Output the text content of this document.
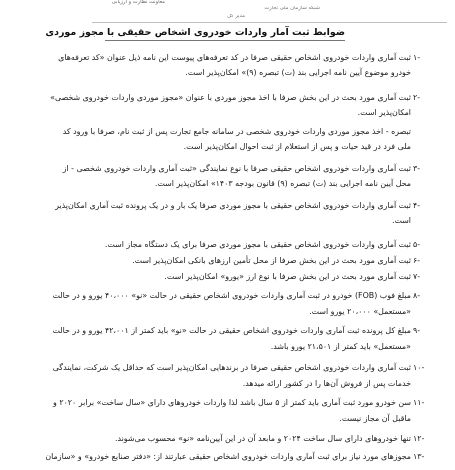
معاونت نظارت و ارزیابی
شبکه سازمان ملی تجارت
مدیر کل
ضوابط ثبت آمار واردات خودروی اشخاص حقیقی با مجوز موردی
-۱
ثبت آماری واردات خودروی اشخاص حقیقی صرفا در کد تعرفه‌های پیوست این نامه ذیل عنوان «کد تعرفه‌های
خودرو موضوع آیین نامه اجرایی بند (ت) تبصره (۹)» امکان‌پذیر است.
-۲
ثبت آماری مورد بحث در این بخش صرفا با اخذ مجوز موردی با عنوان «مجوز موردی واردات خودروی شخصی»
امکان‌پذیر است.
تبصره - اخذ مجوز موردی واردات خودروی شخصی در سامانه جامع تجارت پس از ثبت نام، صرفا با ورود کد
ملی فرد در قید حیات و پس از استعلام از ثبت احوال امکان‌پذیر است.
-۳
ثبت آماری واردات خودروی اشخاص حقیقی صرفا با نوع نمایندگی «ثبت آماری واردات خودروی شخصی - از
محل آیین نامه اجرایی بند (ت) تبصره (۹) قانون بودجه ۱۴۰۳» امکان‌پذیر است.
-۴
ثبت آماری واردات خودروی اشخاص حقیقی با مجوز موردی صرفا یک بار و در یک پرونده ثبت آماری امکان‌پذیر
است.
-۵
ثبت آماری واردات خودروی اشخاص حقیقی با مجوز موردی صرفا برای یک دستگاه مجاز است.
-۶
ثبت آماری مورد بحث در این بخش صرفا از محل تأمین ارزهای بانکی امکان‌پذیر است.
-۷
ثبت آماری مورد بحث در این بخش صرفا با نوع ارز «یورو» امکان‌پذیر است.
-۸
مبلغ فوب (FOB) خودرو در ثبت آماری واردات خودروی اشخاص حقیقی در حالت «نو» ۴۰،۰۰۰ یورو و در حالت
«مستعمل» ۲۰،۰۰۰ یورو است.
-۹
مبلغ کل پرونده ثبت آماری واردات خودروی اشخاص حقیقی در حالت «نو» باید کمتر از ۴۲،۰۰۱ یورو و در حالت
«مستعمل» باید کمتر از ۲۱،۵۰۱ یورو باشد.
-۱۰
ثبت آماری واردات خودروی اشخاص حقیقی صرفا در برندهایی امکان‌پذیر است که حداقل یک شرکت، نمایندگی
خدمات پس از فروش آن‌ها را در کشور ارائه میدهد.
-۱۱
سن خودرو مورد ثبت آماری باید کمتر از ۵ سال باشد لذا واردات خودروهای دارای «سال ساخت» برابر ۲۰۲۰ و
ماقبل آن مجاز نیست.
-۱۲
تنها خودروهای دارای سال ساخت ۲۰۲۴ و مابعد آن در این آیین‌نامه «نو» محسوب می‌شوند.
-۱۳
مجوزهای مورد نیاز برای ثبت آماری واردات خودروی اشخاص حقیقی عبارتند از: «دفتر صنایع خودرو» و «سازمان
